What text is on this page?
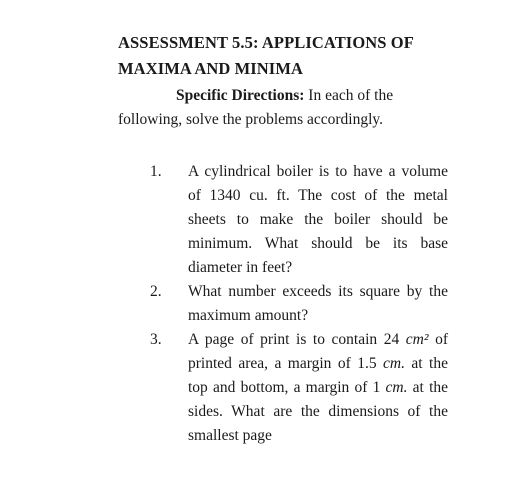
ASSESSMENT 5.5: APPLICATIONS OF
MAXIMA AND MINIMA

Specific Directions: In each of the following, solve the problems accordingly.

1.	A cylindrical boiler is to have a volume of 1340 cu. ft. The cost of the metal sheets to make the boiler should be minimum. What should be its base diameter in feet?
2.	What number exceeds its square by the maximum amount?
3.	A page of print is to contain 24 cm² of printed area, a margin of 1.5 cm. at the top and bottom, a margin of 1 cm. at the sides. What are the dimensions of the smallest page
